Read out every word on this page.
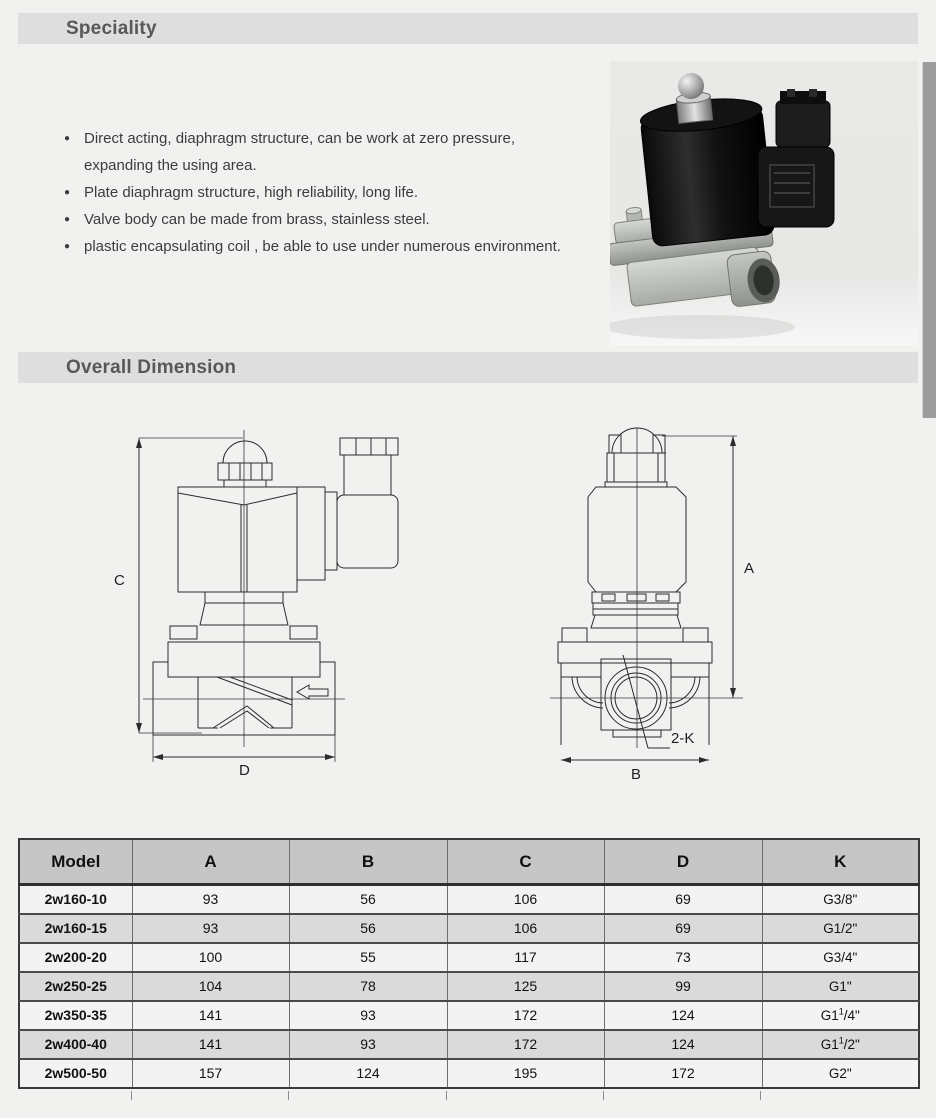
Speciality
● Direct acting, diaphragm structure, can be work at zero pressure, expanding the using area.
● Plate diaphragm structure, high reliability, long life.
● Valve body can be made from brass, stainless steel.
● plastic encapsulating coil , be able to use under numerous environment.
Overall Dimension
C
D
2-K
A
B
Model	A	B	C	D	K
2w160-10	93	56	106	69	G3/8"
2w160-15	93	56	106	69	G1/2"
2w200-20	100	55	117	73	G3/4"
2w250-25	104	78	125	99	G1"
2w350-35	141	93	172	124	$G1^1/4$"
2w400-40	141	93	172	124	$G1^1/2$"
2w500-50	157	124	195	172	G2"
